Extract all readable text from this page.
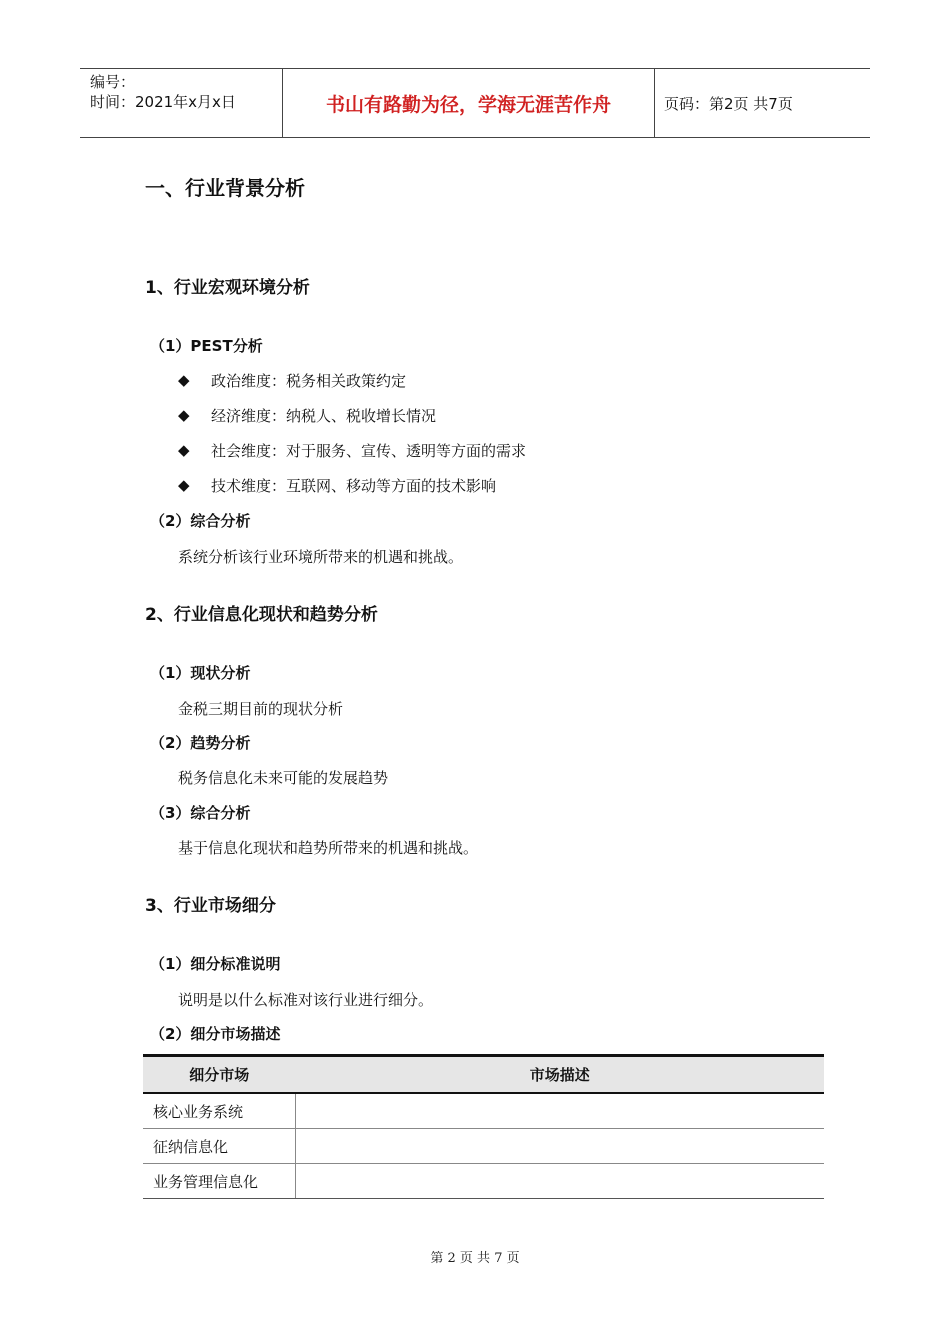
编号：
时间：2021年x月x日	书山有路勤为径，学海无涯苦作舟	页码：第2页 共7页
一、行业背景分析
1、行业宏观环境分析
（1）PEST分析
◆ 政治维度：税务相关政策约定
◆ 经济维度：纳税人、税收增长情况
◆ 社会维度：对于服务、宣传、透明等方面的需求
◆ 技术维度：互联网、移动等方面的技术影响
（2）综合分析
系统分析该行业环境所带来的机遇和挑战。
2、行业信息化现状和趋势分析
（1）现状分析
金税三期目前的现状分析
（2）趋势分析
税务信息化未来可能的发展趋势
（3）综合分析
基于信息化现状和趋势所带来的机遇和挑战。
3、行业市场细分
（1）细分标准说明
说明是以什么标准对该行业进行细分。
（2）细分市场描述
细分市场	市场描述
核心业务系统	
征纳信息化	
业务管理信息化	
第 2 页 共 7 页
